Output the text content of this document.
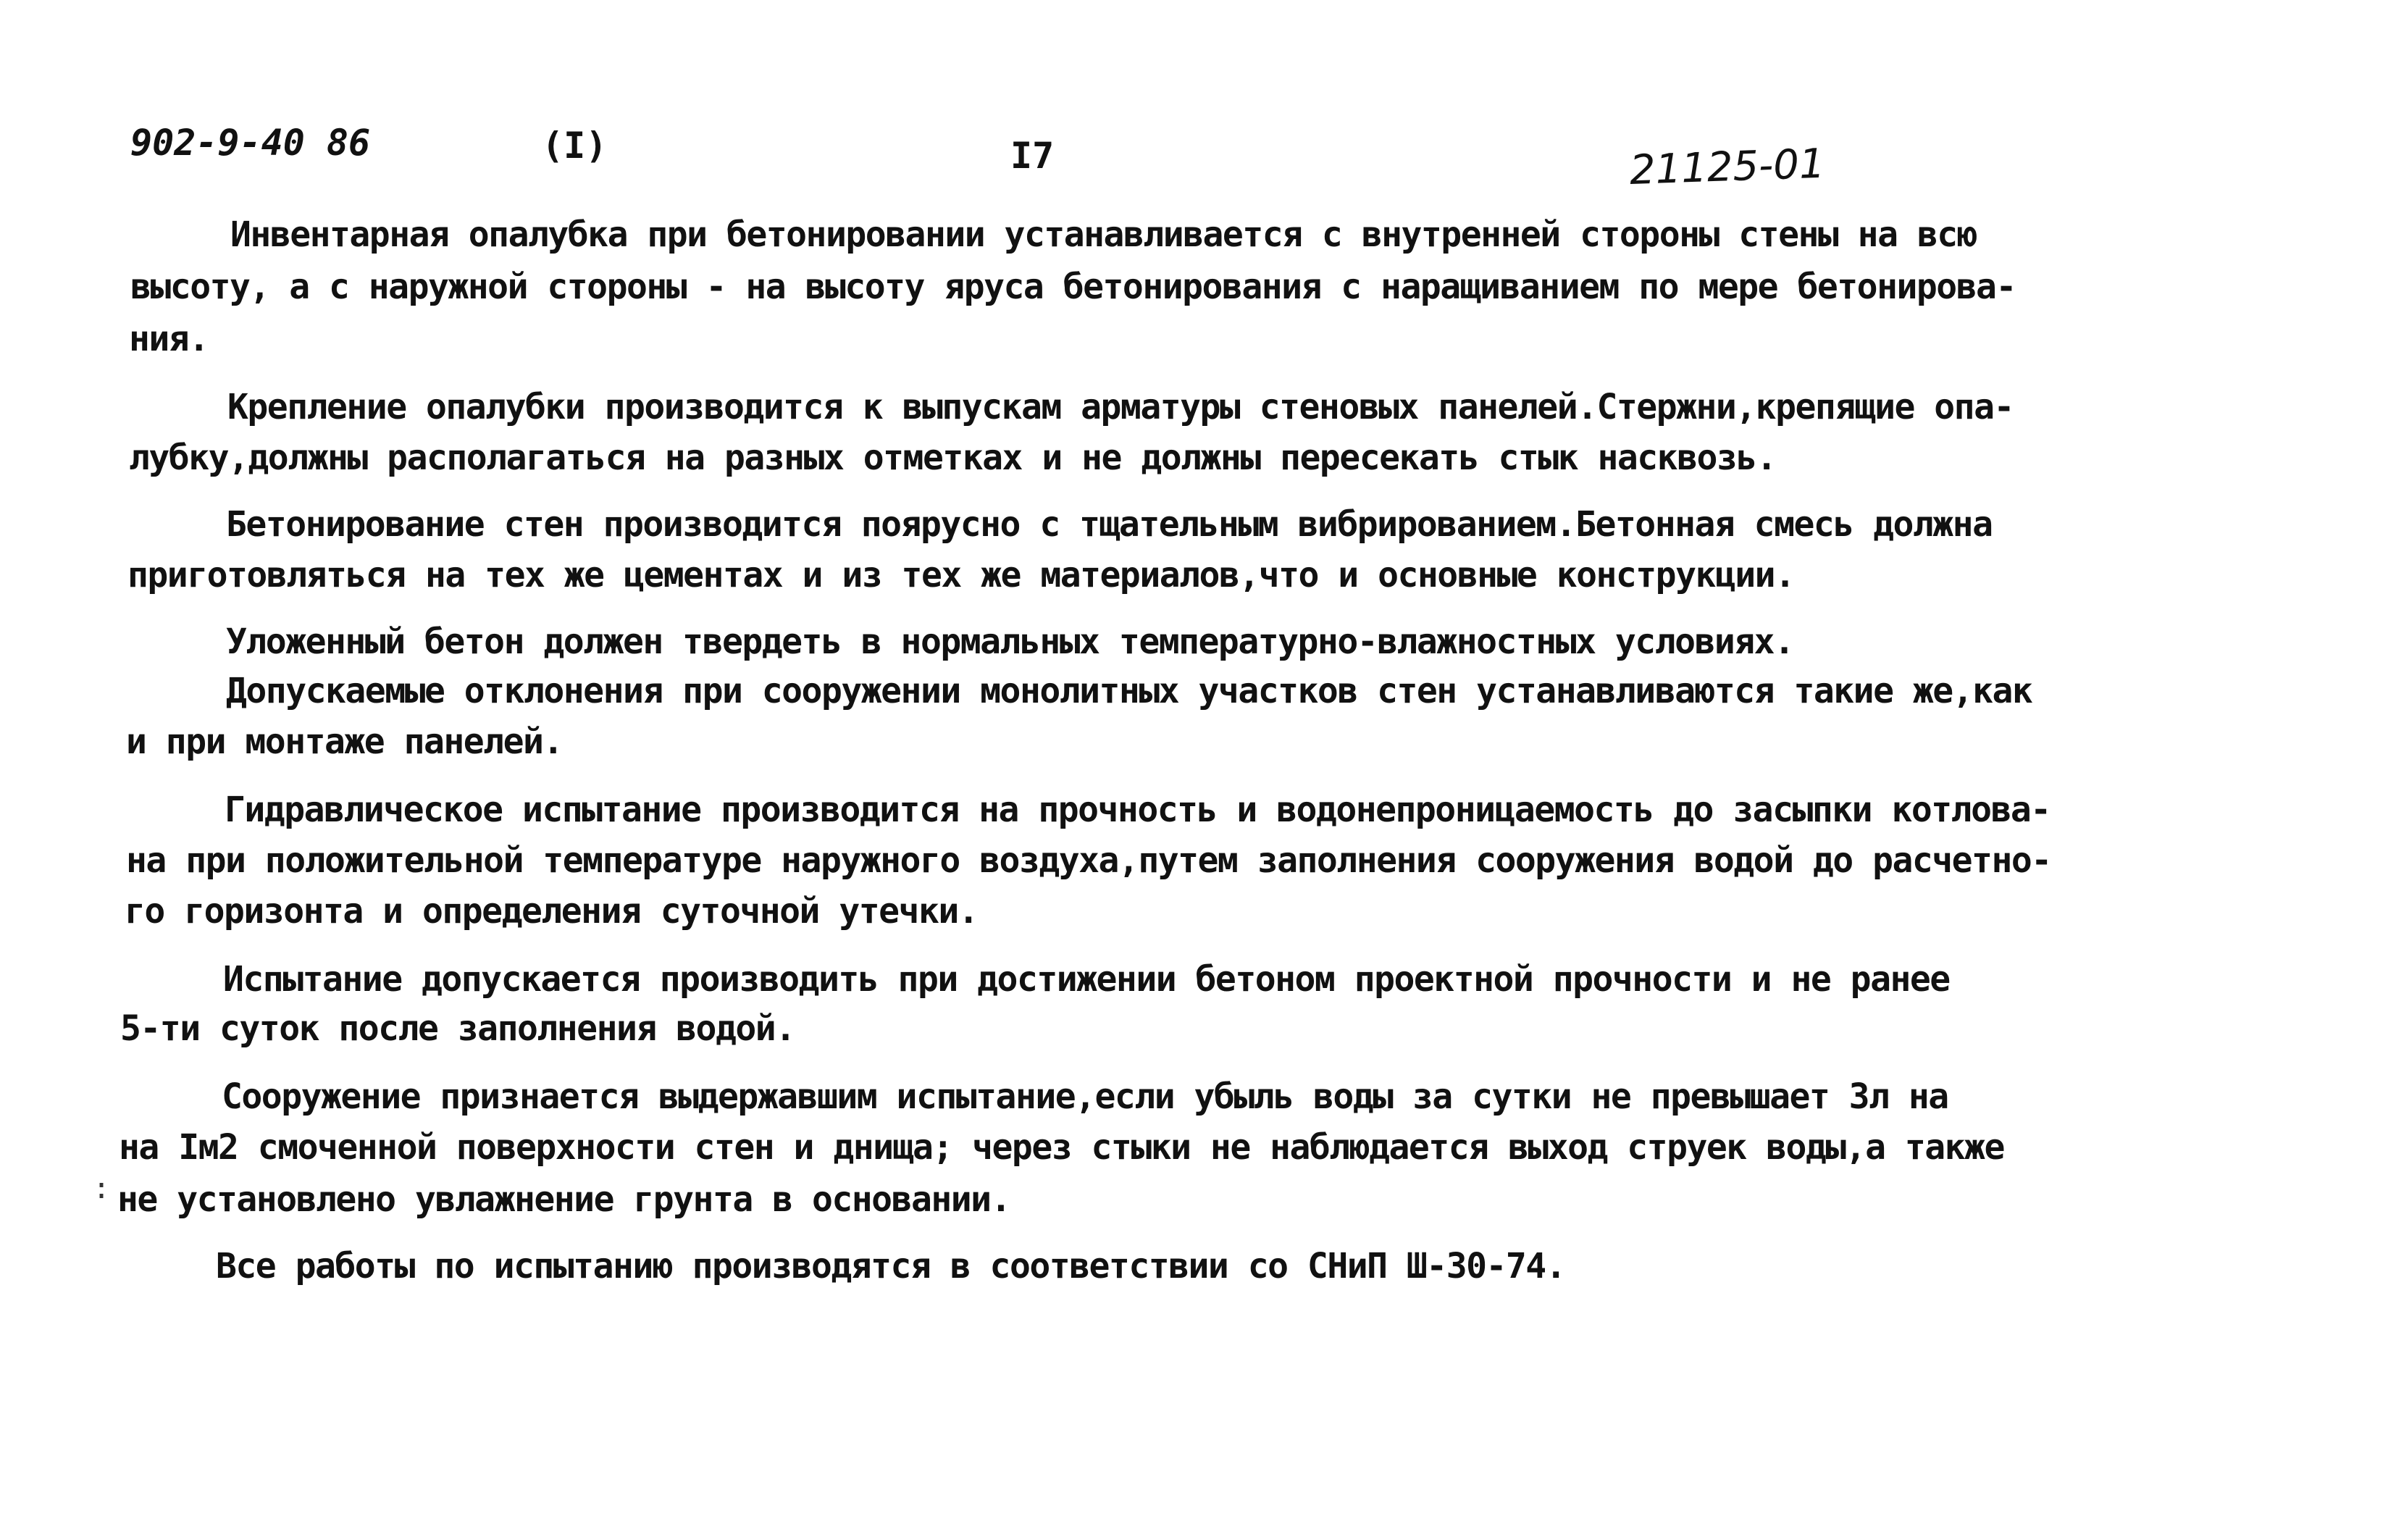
902-9-40 86	(I)	I7	21125-01
Инвентарная опалубка при бетонировании устанавливается с внутренней стороны стены на всю
высоту, а с наружной стороны - на высоту яруса бетонирования с наращиванием по мере бетонирова-
ния.
Крепление опалубки производится к выпускам арматуры стеновых панелей.Стержни,крепящие опа-
лубку,должны располагаться на разных отметках и не должны пересекать стык насквозь.
Бетонирование стен производится поярусно с тщательным вибрированием.Бетонная смесь должна
приготовляться на тех же цементах и из тех же материалов,что и основные конструкции.
Уложенный бетон должен твердеть в нормальных температурно-влажностных условиях.
Допускаемые отклонения при сооружении монолитных участков стен устанавливаются такие же,как
и при монтаже панелей.
Гидравлическое испытание производится на прочность и водонепроницаемость до засыпки котлова-
на при положительной температуре наружного воздуха,путем заполнения сооружения водой до расчетно-
го горизонта и определения суточной утечки.
Испытание допускается производить при достижении бетоном проектной прочности и не ранее
5-ти суток после заполнения водой.
Сооружение признается выдержавшим испытание,если убыль воды за сутки не превышает 3л на
на Iм2 смоченной поверхности стен и днища; через стыки не наблюдается выход струек воды,а также
не установлено увлажнение грунта в основании.
Все работы по испытанию производятся в соответствии со СНиП Ш-30-74.
:
